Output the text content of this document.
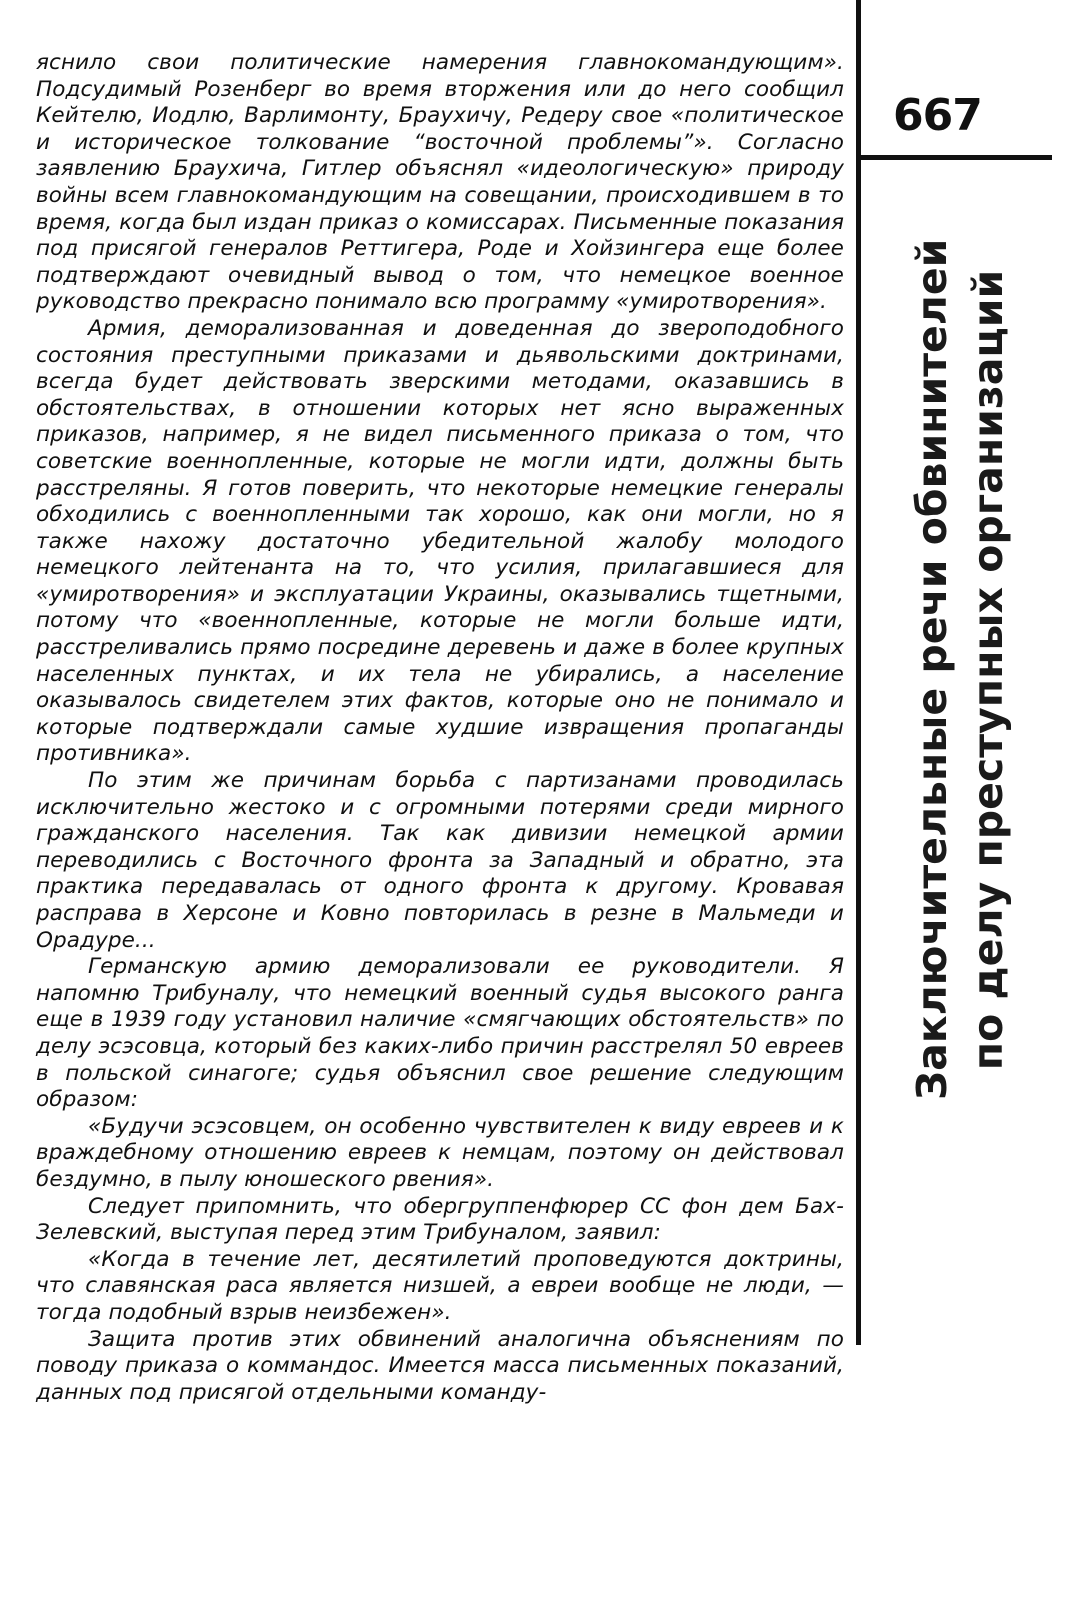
яснило свои политические намерения главнокомандующим». Подсудимый Розенберг во время вторжения или до него сообщил Кейтелю, Иодлю, Варлимонту, Браухичу, Редеру свое «политическое и историческое толкование “восточной проблемы”». Согласно заявлению Браухича, Гитлер объяснял «идеологическую» природу войны всем главнокомандующим на совещании, происходившем в то время, когда был издан приказ о комиссарах. Письменные показания под присягой генералов Реттигера, Роде и Хойзингера еще более подтверждают очевидный вывод о том, что немецкое военное руководство прекрасно понимало всю программу «умиротворения».

Армия, деморализованная и доведенная до звероподобного состояния преступными приказами и дьявольскими доктринами, всегда будет действовать зверскими методами, оказавшись в обстоятельствах, в отношении которых нет ясно выраженных приказов, например, я не видел письменного приказа о том, что советские военнопленные, которые не могли идти, должны быть расстреляны. Я готов поверить, что некоторые немецкие генералы обходились с военнопленными так хорошо, как они могли, но я также нахожу достаточно убедительной жалобу молодого немецкого лейтенанта на то, что усилия, прилагавшиеся для «умиротворения» и эксплуатации Украины, оказывались тщетными, потому что «военнопленные, которые не могли больше идти, расстреливались прямо посредине деревень и даже в более крупных населенных пунктах, и их тела не убирались, а население оказывалось свидетелем этих фактов, которые оно не понимало и которые подтверждали самые худшие извращения пропаганды противника».

По этим же причинам борьба с партизанами проводилась исключительно жестоко и с огромными потерями среди мирного гражданского населения. Так как дивизии немецкой армии переводились с Восточного фронта за Западный и обратно, эта практика передавалась от одного фронта к другому. Кровавая расправа в Херсоне и Ковно повторилась в резне в Мальмеди и Орадуре...

Германскую армию деморализовали ее руководители. Я напомню Трибуналу, что немецкий военный судья высокого ранга еще в 1939 году установил наличие «смягчающих обстоятельств» по делу эсэсовца, который без каких-либо причин расстрелял 50 евреев в польской синагоге; судья объяснил свое решение следующим образом:

«Будучи эсэсовцем, он особенно чувствителен к виду евреев и к враждебному отношению евреев к немцам, поэтому он действовал бездумно, в пылу юношеского рвения».

Следует припомнить, что обергруппенфюрер СС фон дем Бах-Зелевский, выступая перед этим Трибуналом, заявил:

«Когда в течение лет, десятилетий проповедуются доктрины, что славянская раса является низшей, а евреи вообще не люди, — тогда подобный взрыв неизбежен».

Защита против этих обвинений аналогична объяснениям по поводу приказа о коммандос. Имеется масса письменных показаний, данных под присягой отдельными команду-

667
Заключительные речи обвинителей по делу преступных организаций
